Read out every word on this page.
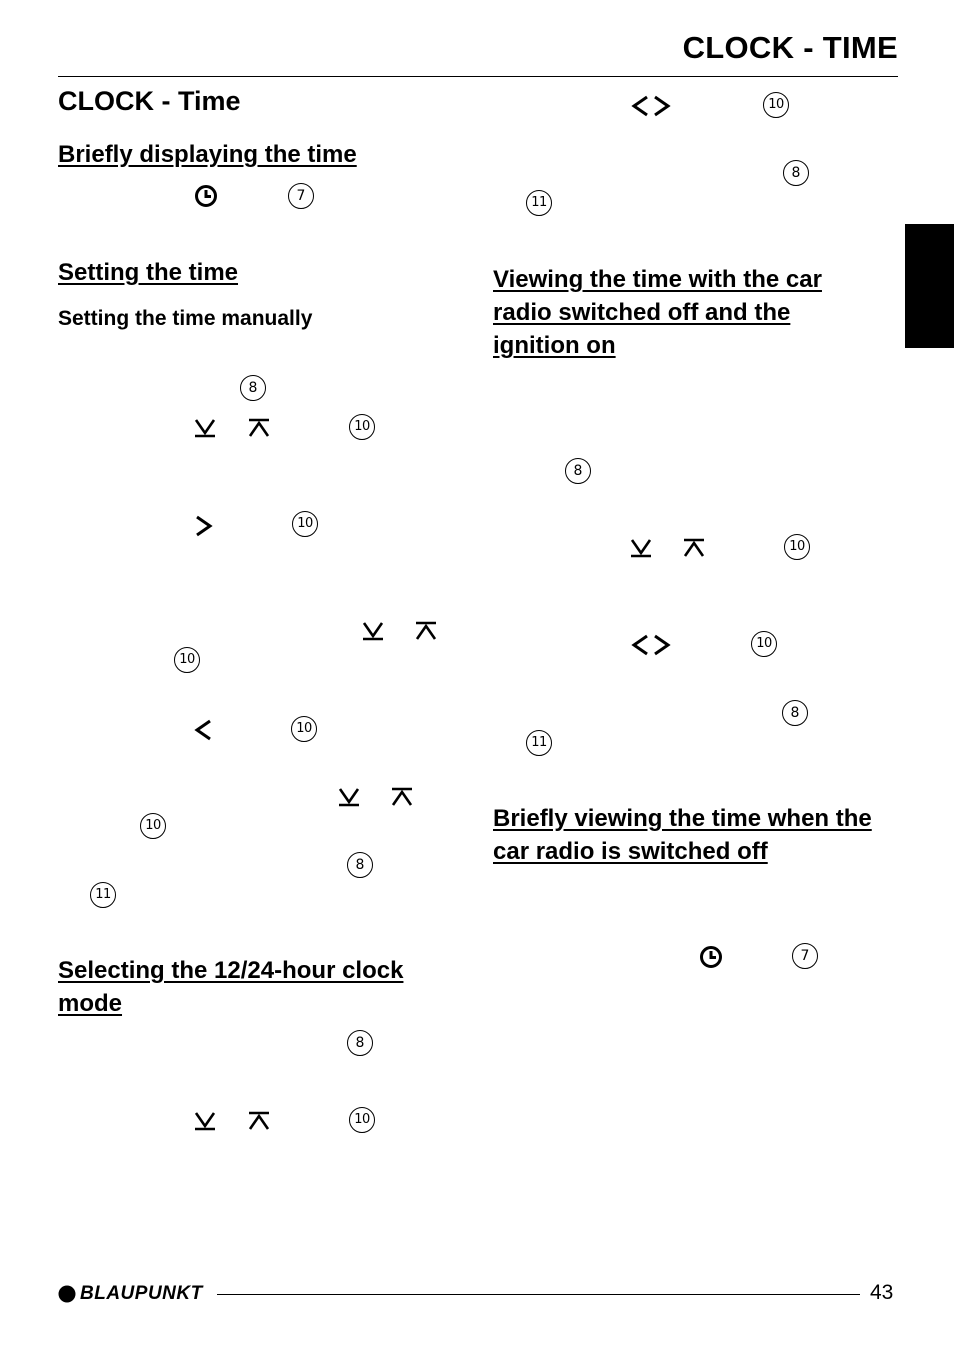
CLOCK - TIME
CLOCK - Time
Briefly displaying the time
7
Setting the time
Setting the time manually
8
10
10
10
10
10
8
11
Selecting the 12/24-hour clock mode
8
10
10
8
11
Viewing the time with the car radio switched off and the ignition on
8
10
10
8
11
Briefly viewing the time when the car radio is switched off
7
BLAUPUNKT	43
